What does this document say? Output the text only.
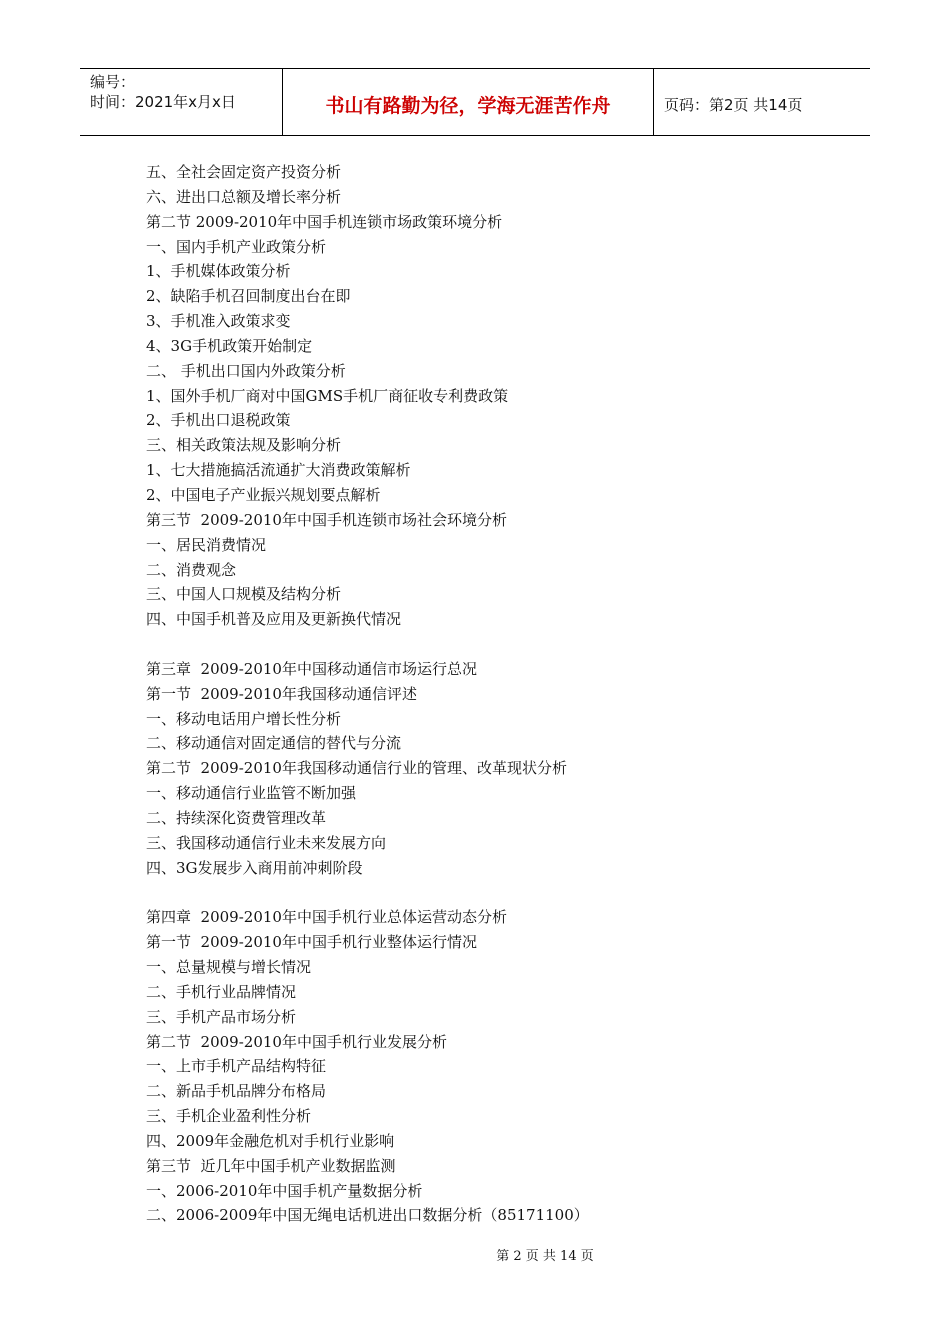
编号：
时间：2021年x月x日	书山有路勤为径，学海无涯苦作舟	页码：第2页 共14页
五、全社会固定资产投资分析
六、进出口总额及增长率分析
第二节 2009-2010年中国手机连锁市场政策环境分析
一、国内手机产业政策分析
1、手机媒体政策分析
2、缺陷手机召回制度出台在即
3、手机准入政策求变
4、3G手机政策开始制定
二、 手机出口国内外政策分析
1、国外手机厂商对中国GMS手机厂商征收专利费政策
2、手机出口退税政策
三、相关政策法规及影响分析
1、七大措施搞活流通扩大消费政策解析
2、中国电子产业振兴规划要点解析
第三节  2009-2010年中国手机连锁市场社会环境分析
一、居民消费情况
二、消费观念
三、中国人口规模及结构分析
四、中国手机普及应用及更新换代情况
第三章  2009-2010年中国移动通信市场运行总况
第一节  2009-2010年我国移动通信评述
一、移动电话用户增长性分析
二、移动通信对固定通信的替代与分流
第二节  2009-2010年我国移动通信行业的管理、改革现状分析
一、移动通信行业监管不断加强
二、持续深化资费管理改革
三、我国移动通信行业未来发展方向
四、3G发展步入商用前冲刺阶段
第四章  2009-2010年中国手机行业总体运营动态分析
第一节  2009-2010年中国手机行业整体运行情况
一、总量规模与增长情况
二、手机行业品牌情况
三、手机产品市场分析
第二节  2009-2010年中国手机行业发展分析
一、上市手机产品结构特征
二、新品手机品牌分布格局
三、手机企业盈利性分析
四、2009年金融危机对手机行业影响
第三节  近几年中国手机产业数据监测
一、2006-2010年中国手机产量数据分析
二、2006-2009年中国无绳电话机进出口数据分析（85171100）
第 2 页 共 14 页
